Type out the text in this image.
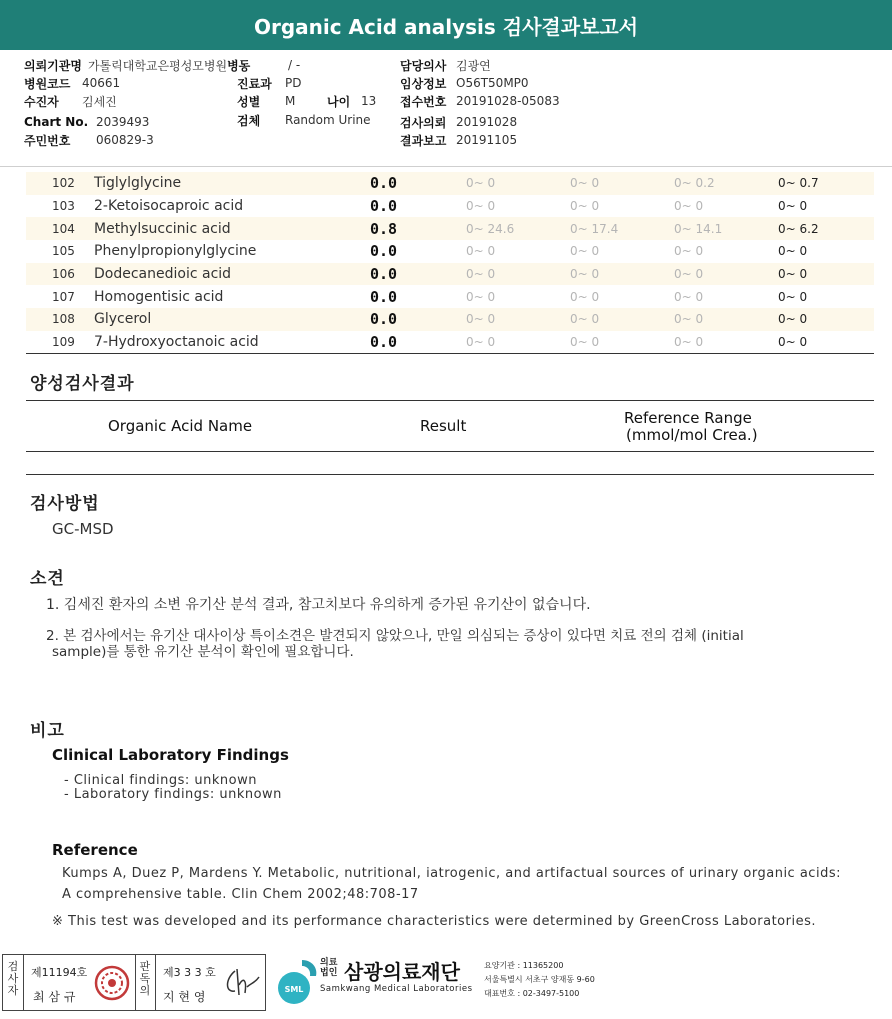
Organic Acid analysis 검사결과보고서
의뢰기관명 가톨릭대학교은평성모병원 병동	/ -	담당의사 김광연
병원코드 40661	진료과	PD	임상정보 O56T50MP0
수진자	김세진	성별	M	나이 13 접수번호 20191028-05083
Chart No. 2039493	검체	Random Urine 검사의뢰 20191028
주민번호	060829-3	결과보고 20191105
102	Tiglylglycine	0.0	0~ 0	0~ 0	0~ 0.2	0~ 0.7
103	2-Ketoisocaproic acid	0.0	0~ 0	0~ 0	0~ 0	0~ 0
104	Methylsuccinic acid	0.8	0~ 24.6	0~ 17.4	0~ 14.1	0~ 6.2
105	Phenylpropionylglycine	0.0	0~ 0	0~ 0	0~ 0	0~ 0
106	Dodecanedioic acid	0.0	0~ 0	0~ 0	0~ 0	0~ 0
107	Homogentisic acid	0.0	0~ 0	0~ 0	0~ 0	0~ 0
108	Glycerol	0.0	0~ 0	0~ 0	0~ 0	0~ 0
109	7-Hydroxyoctanoic acid	0.0	0~ 0	0~ 0	0~ 0	0~ 0
양성검사결과
Organic Acid Name	Result	Reference Range
(mmol/mol Crea.)
검사방법
GC-MSD
소견
1. 김세진 환자의 소변 유기산 분석 결과, 참고치보다 유의하게 증가된 유기산이 없습니다.
2. 본 검사에서는 유기산 대사이상 특이소견은 발견되지 않았으나, 만일 의심되는 증상이 있다면 치료 전의 검체 (initial
sample)를 통한 유기산 분석이 확인에 필요합니다.
비고
Clinical Laboratory Findings
- Clinical findings: unknown
- Laboratory findings: unknown
Reference
Kumps A, Duez P, Mardens Y. Metabolic, nutritional, iatrogenic, and artifactual sources of urinary organic acids:
A comprehensive table. Clin Chem 2002;48:708-17
※ This test was developed and its performance characteristics were determined by GreenCross Laboratories.
검사자
제11194호
최 삼 규
판독의
제3 3 3 호
지 현 영
SML
의료법인 삼광의료재단
Samkwang Medical Laboratories
요양기관 : 11365200
서울특별시 서초구 양재동 9-60
대표번호 : 02-3497-5100
